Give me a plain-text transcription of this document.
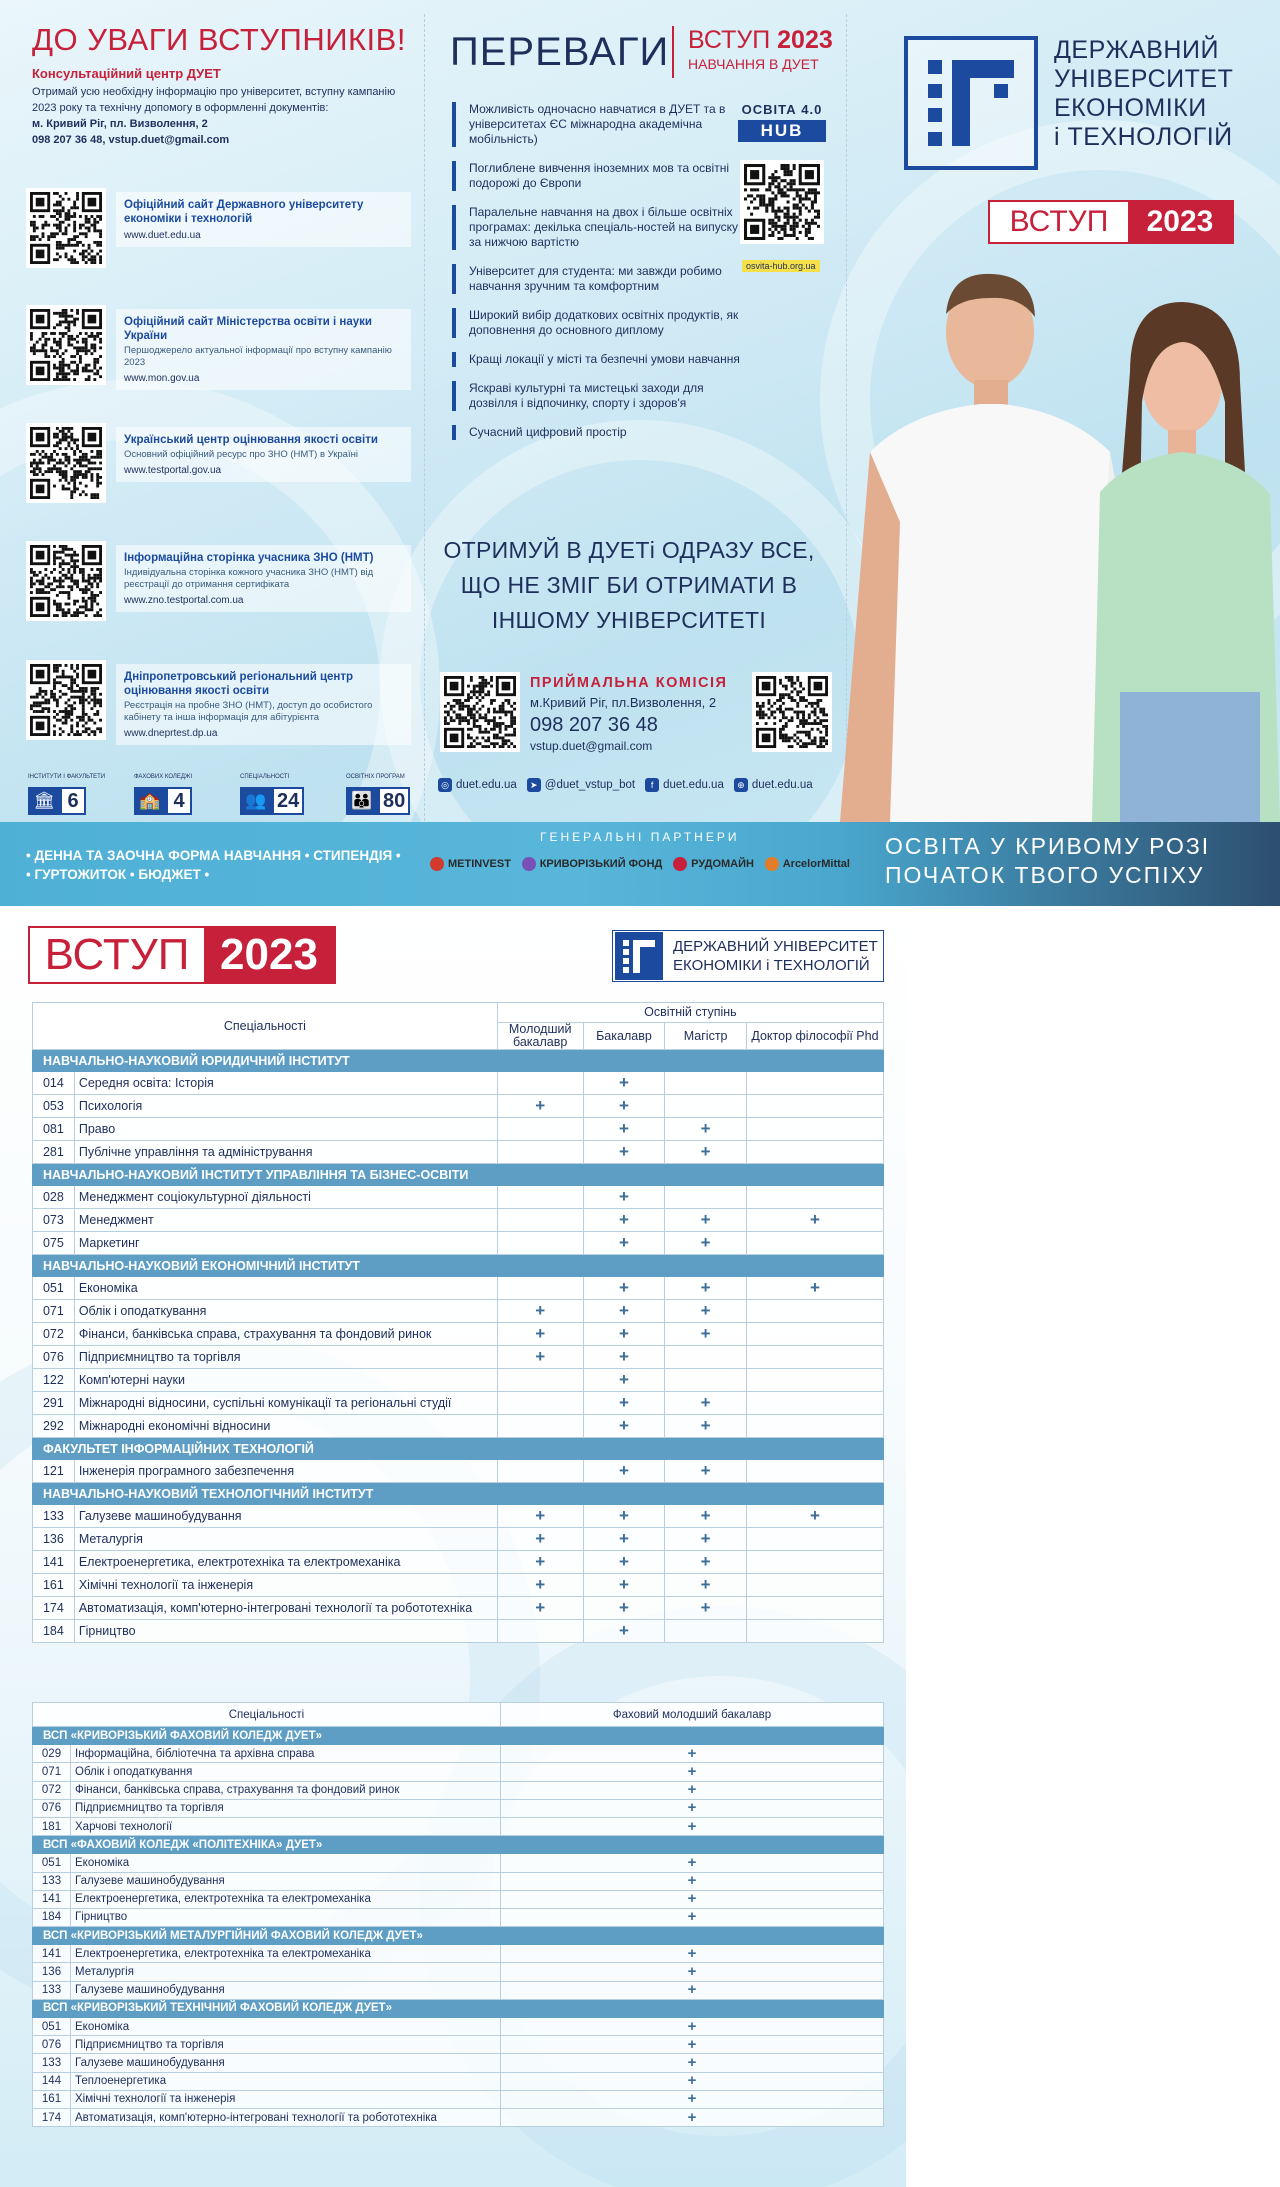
ДО УВАГИ ВСТУПНИКІВ!
Консультаційний центр ДУЕТ
Отримай усю необхідну інформацію про університет, вступну кампанію 2023 року та технічну допомогу в оформленні документів:
м. Кривий Ріг, пл. Визволення, 2
098 207 36 48, vstup.duet@gmail.com
Офіційний сайт Державного університету економіки і технологій
www.duet.edu.ua
Офіційний сайт Міністерства освіти і науки України
Першоджерело актуальної інформації про вступну кампанію 2023
www.mon.gov.ua
Український центр оцінювання якості освіти
Основний офіційний ресурс про ЗНО (НМТ) в Україні
www.testportal.gov.ua
Інформаційна сторінка учасника ЗНО (НМТ)
Індивідуальна сторінка кожного учасника ЗНО (НМТ) від реєстрації до отримання сертифіката
www.zno.testportal.com.ua
Дніпропетровський регіональний центр оцінювання якості освіти
Реєстрація на пробне ЗНО (НМТ), доступ до особистого кабінету та інша інформація для абітурієнта
www.dneprtest.dp.ua
ІНСТИТУТИ І ФАКУЛЬТЕТИ
🏛 6
ФАХОВИХ КОЛЕДЖІ
🏫 4
СПЕЦІАЛЬНОСТІ
👥 24
ОСВІТНІХ ПРОГРАМ
👪 80
ПЕРЕВАГИ ВСТУП 2023
НАВЧАННЯ В ДУЕТ
Можливість одночасно навчатися в ДУЕТ та в університетах ЄС міжнародна академічна мобільність)
Поглиблене вивчення іноземних мов та освітні подорожі до Європи
Паралельне навчання на двох і більше освітніх програмах: декілька спеціаль-ностей на випуску за нижчою вартістю
Університет для студента: ми завжди робимо навчання зручним та комфортним
Широкий вибір додаткових освітніх продуктів, як доповнення до основного диплому
Кращі локації у місті та безпечні умови навчання
Яскраві культурні та мистецькі заходи для дозвілля і відпочинку, спорту і здоров'я
Сучасний цифровий простір
ОСВІТА 4.0
HUB
osvita-hub.org.ua
ОТРИМУЙ В ДУЕТі ОДРАЗУ ВСЕ, ЩО НЕ ЗМІГ БИ ОТРИМАТИ В ІНШОМУ УНІВЕРСИТЕТІ
ПРИЙМАЛЬНА КОМІСІЯ
м.Кривий Ріг, пл.Визволення, 2
098 207 36 48
vstup.duet@gmail.com
◎ duet.edu.ua	➤ @duet_vstup_bot	f duet.edu.ua	⊕ duet.edu.ua
ДЕРЖАВНИЙ
УНІВЕРСИТЕТ
ЕКОНОМІКИ
і ТЕХНОЛОГІЙ
ВСТУП	2023
• ДЕННА ТА ЗАОЧНА ФОРМА НАВЧАННЯ • СТИПЕНДІЯ •
• ГУРТОЖИТОК • БЮДЖЕТ •
ГЕНЕРАЛЬНІ ПАРТНЕРИ
METINVEST	КРИВОРІЗЬКИЙ ФОНД	РУДОМАЙН	ArcelorMittal
ОСВІТА У КРИВОМУ РОЗІ
ПОЧАТОК ТВОГО УСПІХУ
ВСТУП 2023	ДЕРЖАВНИЙ УНІВЕРСИТЕТ
ЕКОНОМІКИ і ТЕХНОЛОГІЙ
Спеціальності		Освітній ступінь			
		Молодший бакалавр	Бакалавр	Магістр	Доктор філософії Phd
НАВЧАЛЬНО-НАУКОВИЙ ЮРИДИЧНИЙ ІНСТИТУТ					
014	Середня освіта: Історія		+		
053	Психологія	+	+		
081	Право		+	+	
281	Публічне управління та адміністрування		+	+	
НАВЧАЛЬНО-НАУКОВИЙ ІНСТИТУТ УПРАВЛІННЯ ТА БІЗНЕС-ОСВІТИ					
028	Менеджмент соціокультурної діяльності		+		
073	Менеджмент		+	+	+
075	Маркетинг		+	+	
НАВЧАЛЬНО-НАУКОВИЙ ЕКОНОМІЧНИЙ ІНСТИТУТ					
051	Економіка		+	+	+
071	Облік і оподаткування	+	+	+	
072	Фінанси, банківська справа, страхування та фондовий ринок	+	+	+	
076	Підприємництво та торгівля	+	+		
122	Комп'ютерні науки		+		
291	Міжнародні відносини, суспільні комунікації та регіональні студії		+	+	
292	Міжнародні економічні відносини		+	+	
ФАКУЛЬТЕТ ІНФОРМАЦІЙНИХ ТЕХНОЛОГІЙ					
121	Інженерія програмного забезпечення		+	+	
НАВЧАЛЬНО-НАУКОВИЙ ТЕХНОЛОГІЧНИЙ ІНСТИТУТ					
133	Галузеве машинобудування	+	+	+	+
136	Металургія	+	+	+	
141	Електроенергетика, електротехніка та електромеханіка	+	+	+	
161	Хімічні технології та інженерія	+	+	+	
174	Автоматизація, комп'ютерно-інтегровані технології та робототехніка	+	+	+	
184	Гірництво		+		
Спеціальності		Фаховий молодший бакалавр
ВСП «КРИВОРІЗЬКИЙ ФАХОВИЙ КОЛЕДЖ ДУЕТ»		
029	Інформаційна, бібліотечна та архівна справа	+
071	Облік і оподаткування	+
072	Фінанси, банківська справа, страхування та фондовий ринок	+
076	Підприємництво та торгівля	+
181	Харчові технології	+
ВСП «ФАХОВИЙ КОЛЕДЖ «ПОЛІТЕХНІКА» ДУЕТ»		
051	Економіка	+
133	Галузеве машинобудування	+
141	Електроенергетика, електротехніка та електромеханіка	+
184	Гірництво	+
ВСП «КРИВОРІЗЬКИЙ МЕТАЛУРГІЙНИЙ ФАХОВИЙ КОЛЕДЖ ДУЕТ»		
141	Електроенергетика, електротехніка та електромеханіка	+
136	Металургія	+
133	Галузеве машинобудування	+
ВСП «КРИВОРІЗЬКИЙ ТЕХНІЧНИЙ ФАХОВИЙ КОЛЕДЖ ДУЕТ»		
051	Економіка	+
076	Підприємництво та торгівля	+
133	Галузеве машинобудування	+
144	Теплоенергетика	+
161	Хімічні технології та інженерія	+
174	Автоматизація, комп'ютерно-інтегровані технології та робототехніка	+
